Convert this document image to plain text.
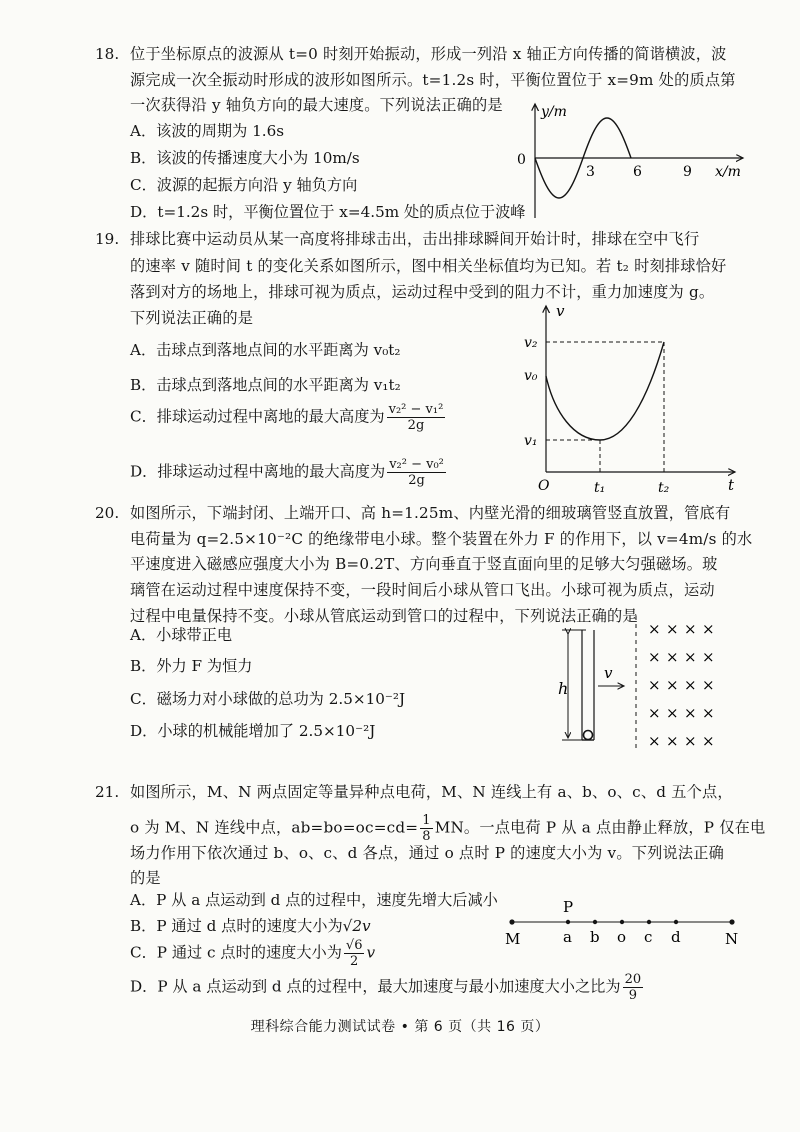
18. 位于坐标原点的波源从 t=0 时刻开始振动，形成一列沿 x 轴正方向传播的简谐横波，波
源完成一次全振动时形成的波形如图所示。t=1.2s 时，平衡位置位于 x=9m 处的质点第
一次获得沿 y 轴负方向的最大速度。下列说法正确的是
A．该波的周期为 1.6s
B．该波的传播速度大小为 10m/s
C．波源的起振方向沿 y 轴负方向
D．t=1.2s 时，平衡位置位于 x=4.5m 处的质点位于波峰
y/m
0
3	6	9 x/m
19. 排球比赛中运动员从某一高度将排球击出，击出排球瞬间开始计时，排球在空中飞行
的速率 v 随时间 t 的变化关系如图所示，图中相关坐标值均为已知。若 t₂ 时刻排球恰好
落到对方的场地上，排球可视为质点，运动过程中受到的阻力不计，重力加速度为 g。
下列说法正确的是
A．击球点到落地点间的水平距离为 v₀t₂
B．击球点到落地点间的水平距离为 v₁t₂
C．排球运动过程中离地的最大高度为 $\frac{\text{v₂² − v₁²}}{2g}$
D．排球运动过程中离地的最大高度为 $\frac{\text{v₂² − v₀²}}{2g}$
v
v₂
v₀
v₁
O	t₁	t₂	t
20. 如图所示，下端封闭、上端开口、高 h=1.25m、内壁光滑的细玻璃管竖直放置，管底有
电荷量为 q=2.5×10⁻²C 的绝缘带电小球。整个装置在外力 F 的作用下，以 v=4m/s 的水
平速度进入磁感应强度大小为 B=0.2T、方向垂直于竖直面向里的足够大匀强磁场。玻
璃管在运动过程中速度保持不变，一段时间后小球从管口飞出。小球可视为质点，运动
过程中电量保持不变。小球从管底运动到管口的过程中，下列说法正确的是
A．小球带正电
B．外力 F 为恒力
C．磁场力对小球做的总功为 2.5×10⁻²J
D．小球的机械能增加了 2.5×10⁻²J
h
v
× × × ×
× × × ×
× × × ×
× × × ×
× × × ×
21. 如图所示，M、N 两点固定等量异种点电荷，M、N 连线上有 a、b、o、c、d 五个点，
o 为 M、N 连线中点，$ab=bo=oc=cd= \frac{1}{8}$ MN。一点电荷 P 从 a 点由静止释放，P 仅在电
场力作用下依次通过 b、o、c、d 各点，通过 o 点时 P 的速度大小为 v。下列说法正确
的是
A．P 从 a 点运动到 d 点的过程中，速度先增大后减小
B．P 通过 d 点时的速度大小为√2v
C．P 通过 c 点时的速度大小为 $\frac{√6}{2}$ v
D．P 从 a 点运动到 d 点的过程中，最大加速度与最小加速度大小之比为 $\frac{20}{9}$
P
M	a b o c d	N
理科综合能力测试试卷 • 第 6 页（共 16 页）
